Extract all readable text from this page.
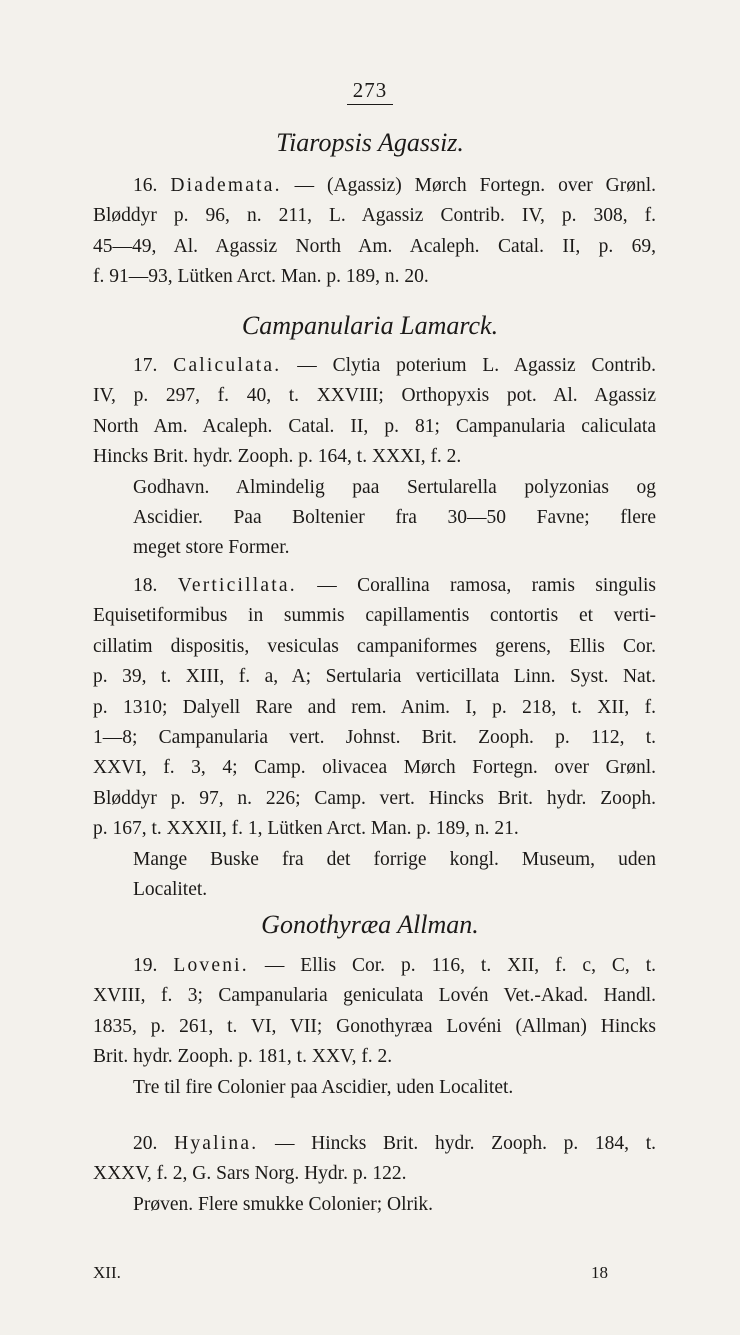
273
Tiaropsis Agassiz.
16. Diademata. — (Agassiz) Mørch Fortegn. over Grønl.
Bløddyr p. 96, n. 211, L. Agassiz Contrib. IV, p. 308, f.
45—49, Al. Agassiz North Am. Acaleph. Catal. II, p. 69,
f. 91—93, Lütken Arct. Man. p. 189, n. 20.
Campanularia Lamarck.
17. Caliculata. — Clytia poterium L. Agassiz Contrib.
IV, p. 297, f. 40, t. XXVIII; Orthopyxis pot. Al. Agassiz
North Am. Acaleph. Catal. II, p. 81; Campanularia caliculata
Hincks Brit. hydr. Zooph. p. 164, t. XXXI, f. 2.
Godhavn. Almindelig paa Sertularella polyzonias og
Ascidier. Paa Boltenier fra 30—50 Favne; flere
meget store Former.
18. Verticillata. — Corallina ramosa, ramis singulis
Equisetiformibus in summis capillamentis contortis et verti-
cillatim dispositis, vesiculas campaniformes gerens, Ellis Cor.
p. 39, t. XIII, f. a, A; Sertularia verticillata Linn. Syst. Nat.
p. 1310; Dalyell Rare and rem. Anim. I, p. 218, t. XII, f.
1—8; Campanularia vert. Johnst. Brit. Zooph. p. 112, t.
XXVI, f. 3, 4; Camp. olivacea Mørch Fortegn. over Grønl.
Bløddyr p. 97, n. 226; Camp. vert. Hincks Brit. hydr. Zooph.
p. 167, t. XXXII, f. 1, Lütken Arct. Man. p. 189, n. 21.
Mange Buske fra det forrige kongl. Museum, uden
Localitet.
Gonothyræa Allman.
19. Loveni. — Ellis Cor. p. 116, t. XII, f. c, C, t.
XVIII, f. 3; Campanularia geniculata Lovén Vet.-Akad. Handl.
1835, p. 261, t. VI, VII; Gonothyræa Lovéni (Allman) Hincks
Brit. hydr. Zooph. p. 181, t. XXV, f. 2.
Tre til fire Colonier paa Ascidier, uden Localitet.
20. Hyalina. — Hincks Brit. hydr. Zooph. p. 184, t.
XXXV, f. 2, G. Sars Norg. Hydr. p. 122.
Prøven. Flere smukke Colonier; Olrik.
XII.	18
